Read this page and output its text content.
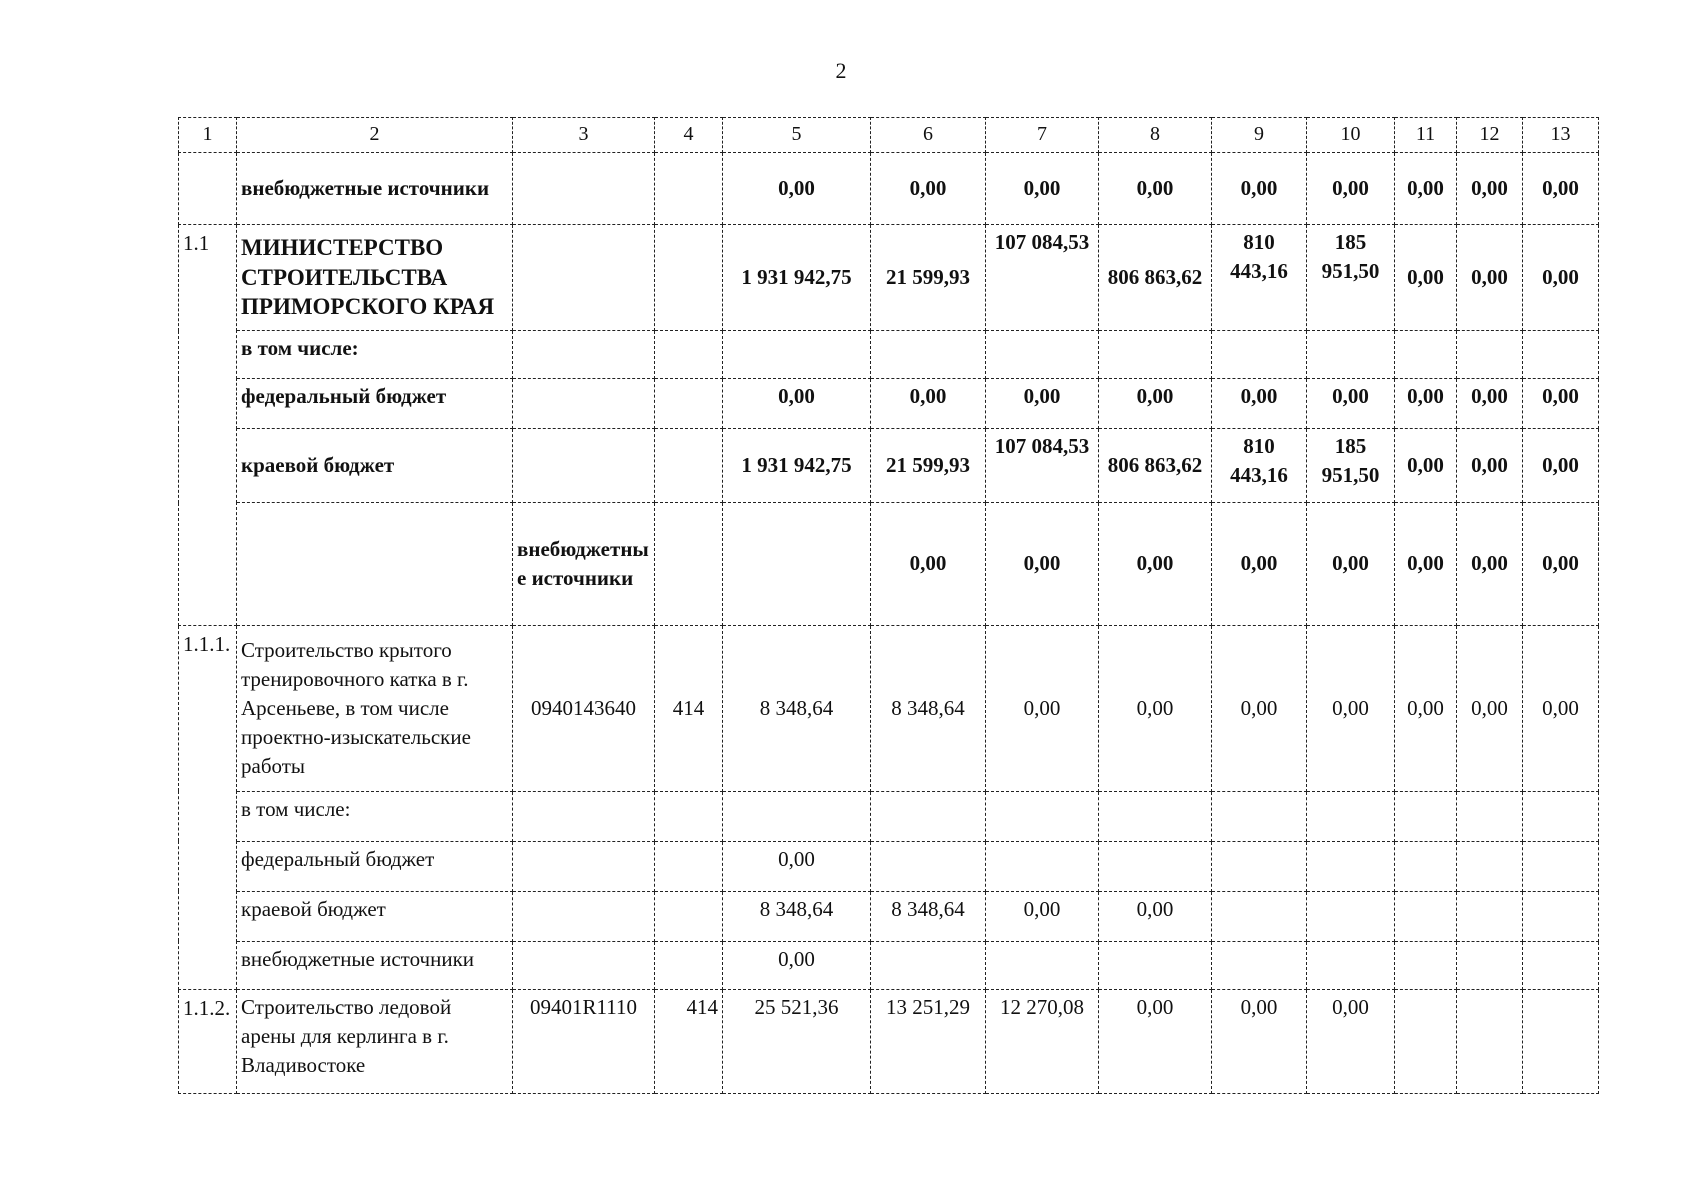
2
1	2	3	4	5	6	7	8	9	10	11	12	13	
	внебюджетные источники			0,00	0,00	0,00	0,00	0,00	0,00	0,00	0,00	0,00	
1.1	МИНИСТЕРСТВО СТРОИТЕЛЬСТВА ПРИМОРСКОГО КРАЯ			1 931 942,75	21 599,93	107 084,53	806 863,62	810 443,16	185 951,50	0,00	0,00	0,00	
	в том числе:												
	федеральный бюджет			0,00	0,00	0,00	0,00	0,00	0,00	0,00	0,00	0,00	
	краевой бюджет			1 931 942,75	21 599,93	107 084,53	806 863,62	810 443,16	185 951,50	0,00	0,00	0,00	
		внебюджетные источники			0,00	0,00	0,00	0,00	0,00	0,00	0,00	0,00	
1.1.1.	Строительство крытого тренировочного катка в г. Арсеньеве, в том числе проектно-изыскательские работы	0940143640	414	8 348,64	8 348,64	0,00	0,00	0,00	0,00	0,00	0,00	0,00	
	в том числе:												
	федеральный бюджет			0,00									
	краевой бюджет			8 348,64	8 348,64	0,00	0,00						
	внебюджетные источники			0,00									
1.1.2.	Строительство ледовой арены для керлинга в г. Владивостоке	09401R1110	414	25 521,36	13 251,29	12 270,08	0,00	0,00	0,00				
